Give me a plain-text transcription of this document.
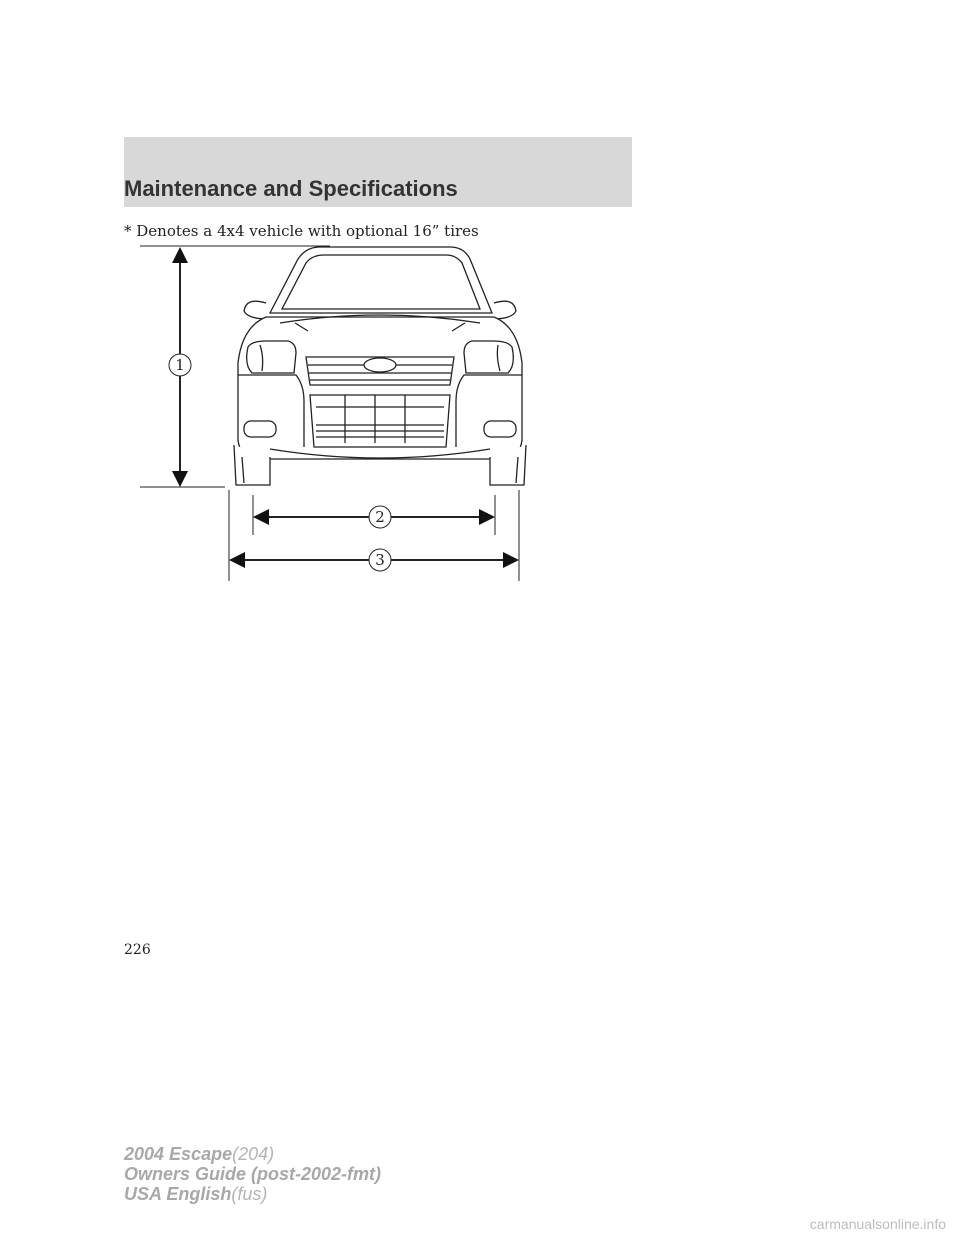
Maintenance and Specifications
* Denotes a 4x4 vehicle with optional 16” tires
1
2
3
226
2004 Escape(204)
Owners Guide (post-2002-fmt)
USA English(fus)
carmanualsonline.info
